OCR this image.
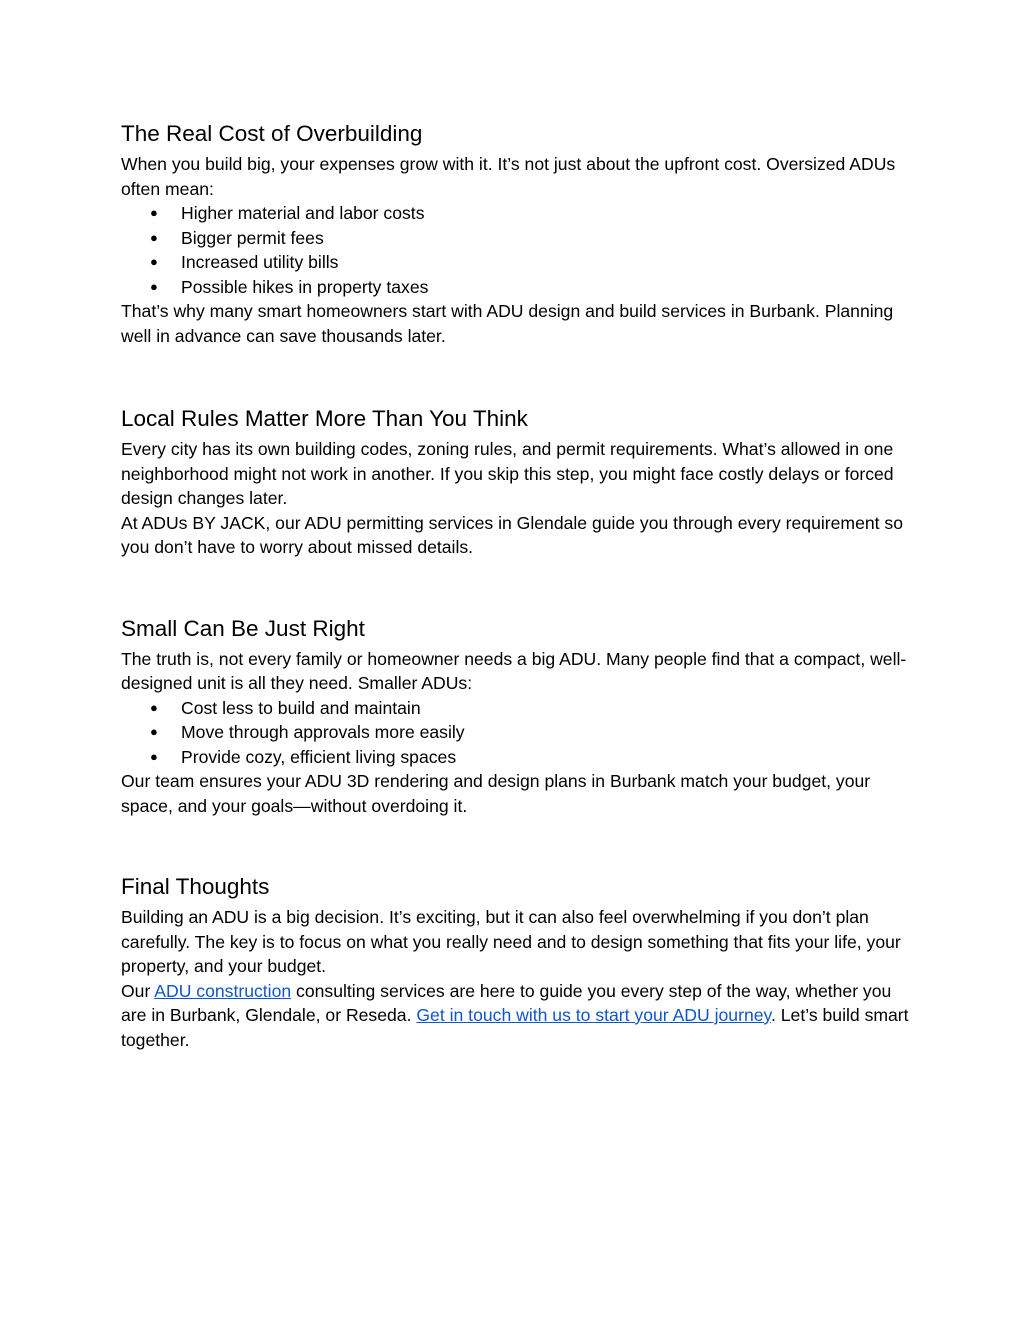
The Real Cost of Overbuilding

When you build big, your expenses grow with it. It’s not just about the upfront cost. Oversized ADUs often mean:

● Higher material and labor costs
● Bigger permit fees
● Increased utility bills
● Possible hikes in property taxes

That’s why many smart homeowners start with ADU design and build services in Burbank. Planning well in advance can save thousands later.

Local Rules Matter More Than You Think

Every city has its own building codes, zoning rules, and permit requirements. What’s allowed in one neighborhood might not work in another. If you skip this step, you might face costly delays or forced design changes later.

At ADUs BY JACK, our ADU permitting services in Glendale guide you through every requirement so you don’t have to worry about missed details.

Small Can Be Just Right

The truth is, not every family or homeowner needs a big ADU. Many people find that a compact, well-designed unit is all they need. Smaller ADUs:

● Cost less to build and maintain
● Move through approvals more easily
● Provide cozy, efficient living spaces

Our team ensures your ADU 3D rendering and design plans in Burbank match your budget, your space, and your goals—without overdoing it.

Final Thoughts

Building an ADU is a big decision. It’s exciting, but it can also feel overwhelming if you don’t plan carefully. The key is to focus on what you really need and to design something that fits your life, your property, and your budget.

Our ADU construction consulting services are here to guide you every step of the way, whether you are in Burbank, Glendale, or Reseda. Get in touch with us to start your ADU journey. Let’s build smart together.
